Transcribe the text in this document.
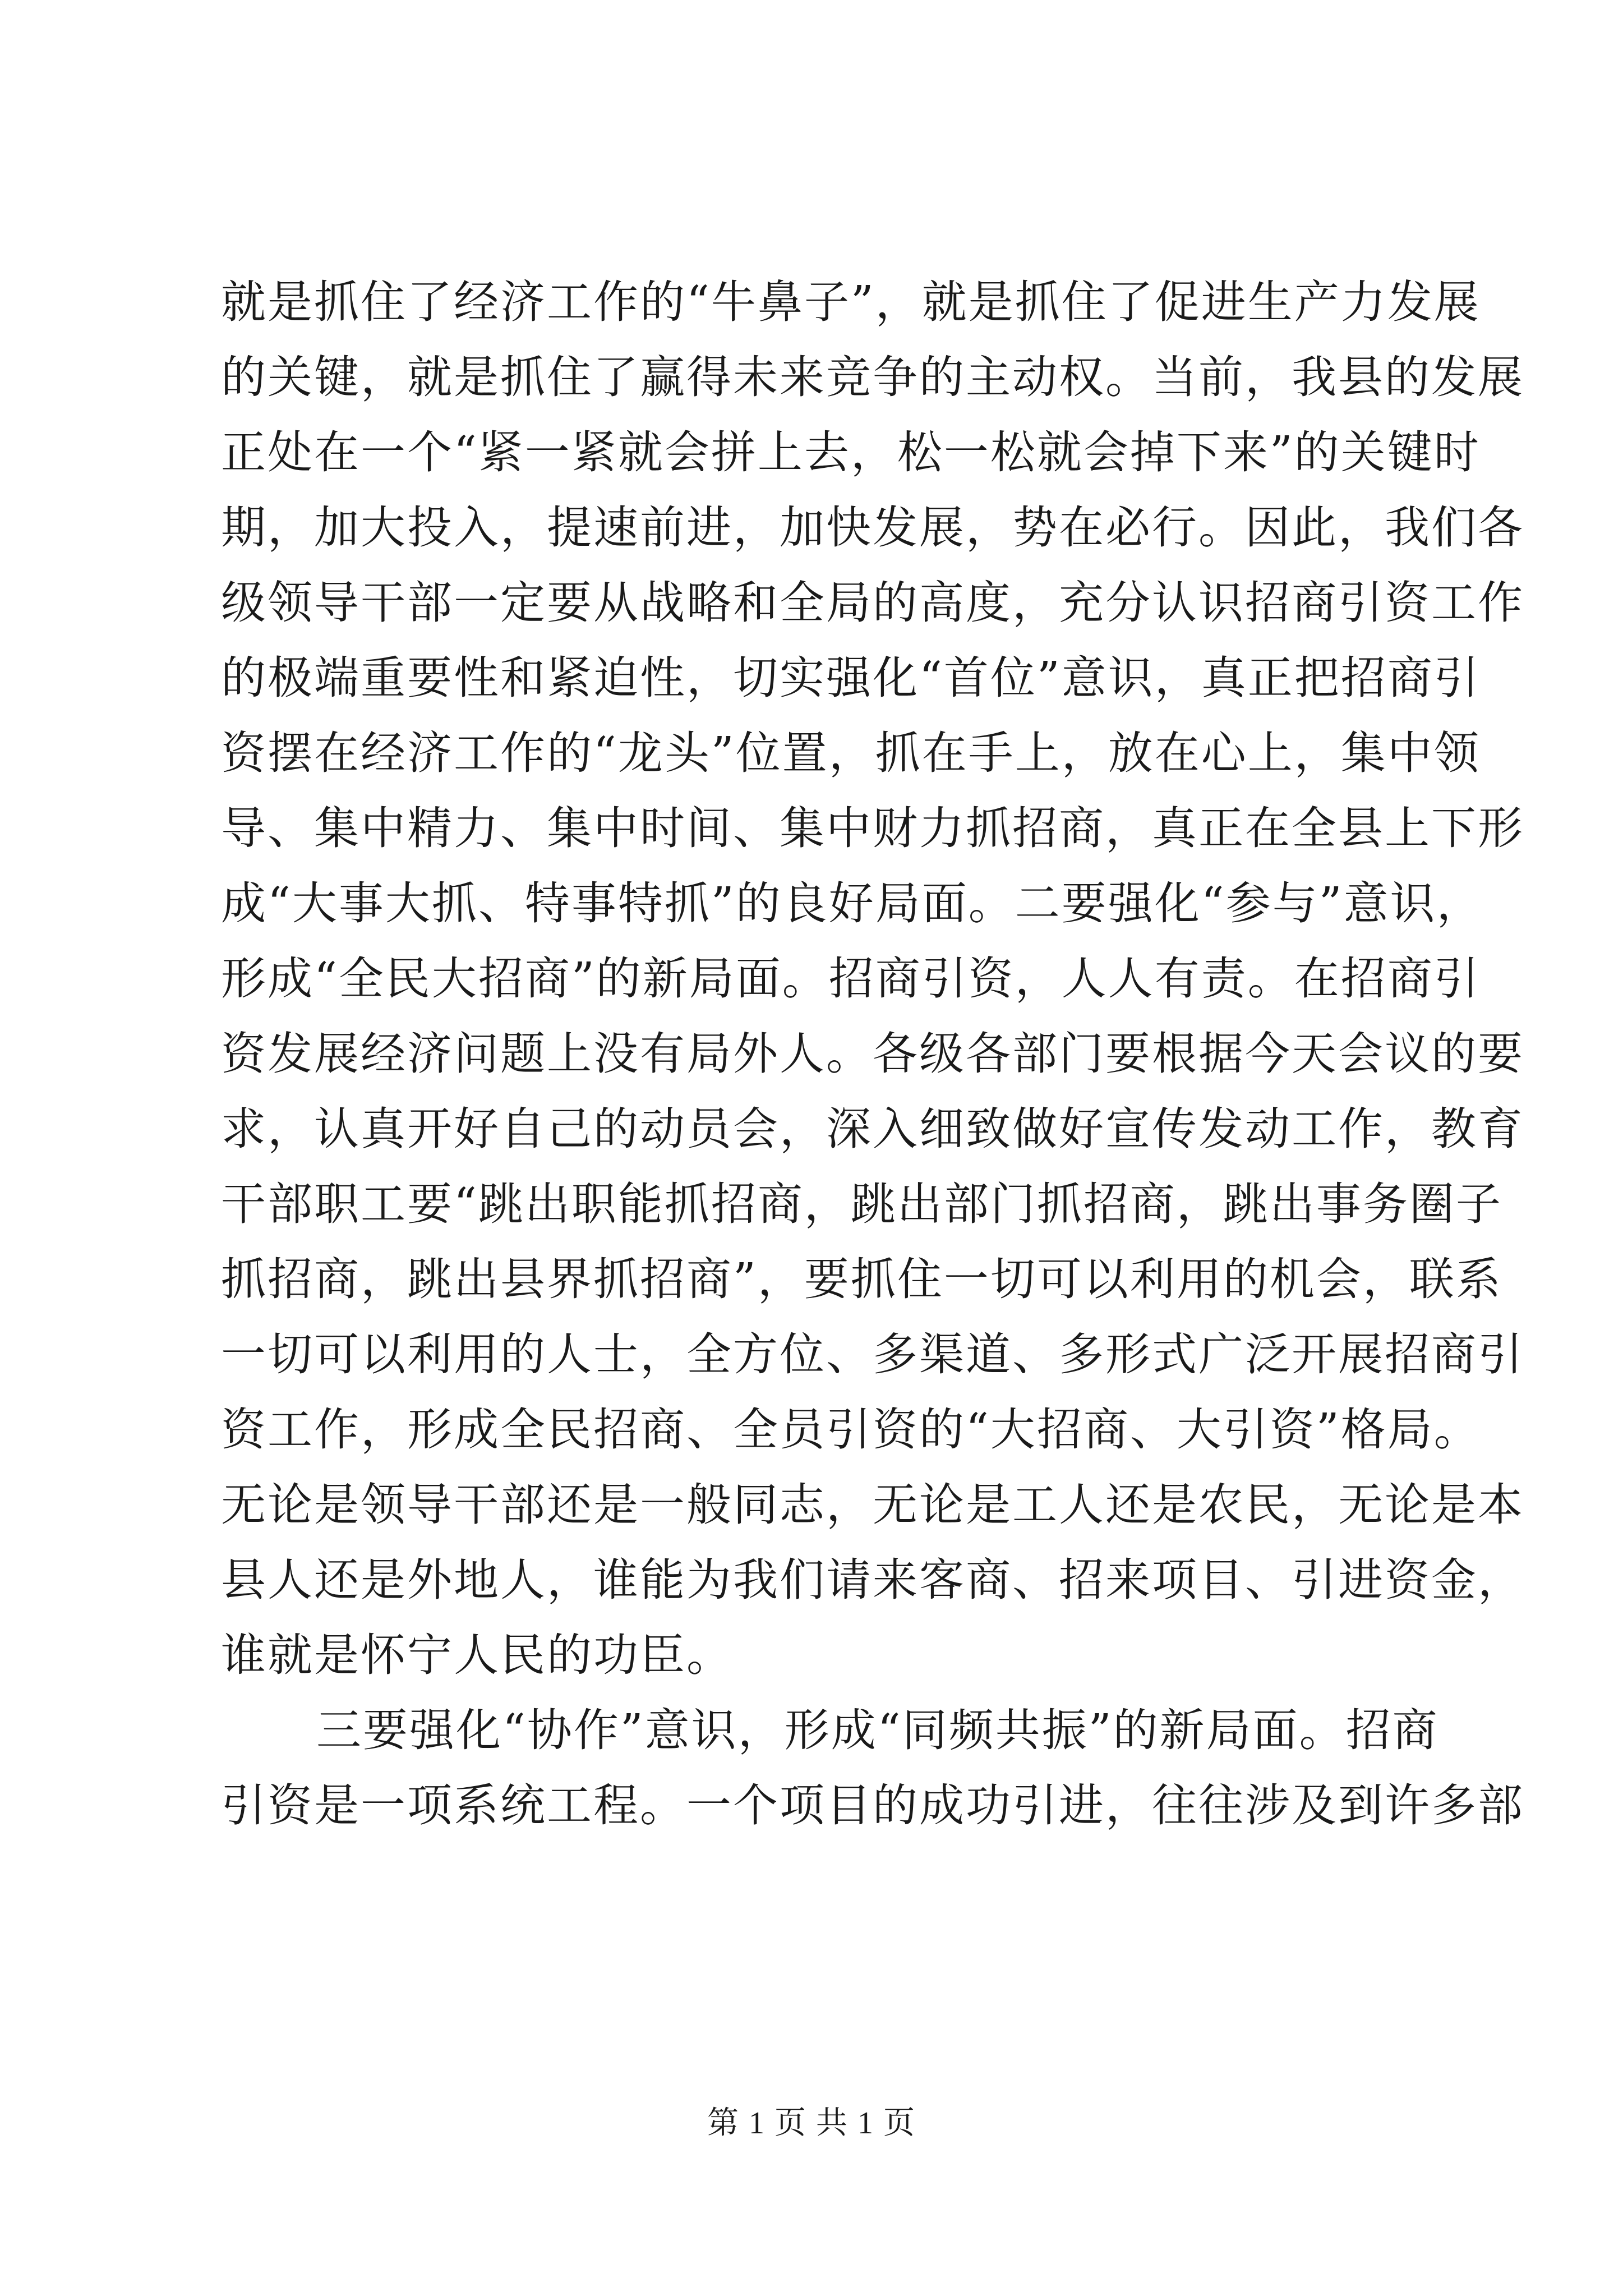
就是抓住了经济工作的“牛鼻子”，就是抓住了促进生产力发展
的关键，就是抓住了赢得未来竞争的主动权。当前，我县的发展
正处在一个“紧一紧就会拼上去，松一松就会掉下来”的关键时
期，加大投入，提速前进，加快发展，势在必行。因此，我们各
级领导干部一定要从战略和全局的高度，充分认识招商引资工作
的极端重要性和紧迫性，切实强化“首位”意识，真正把招商引
资摆在经济工作的“龙头”位置，抓在手上，放在心上，集中领
导、集中精力、集中时间、集中财力抓招商，真正在全县上下形
成“大事大抓、特事特抓”的良好局面。二要强化“参与”意识，
形成“全民大招商”的新局面。招商引资，人人有责。在招商引
资发展经济问题上没有局外人。各级各部门要根据今天会议的要
求，认真开好自己的动员会，深入细致做好宣传发动工作，教育
干部职工要“跳出职能抓招商，跳出部门抓招商，跳出事务圈子
抓招商，跳出县界抓招商”，要抓住一切可以利用的机会，联系
一切可以利用的人士，全方位、多渠道、多形式广泛开展招商引
资工作，形成全民招商、全员引资的“大招商、大引资”格局。
无论是领导干部还是一般同志，无论是工人还是农民，无论是本
县人还是外地人，谁能为我们请来客商、招来项目、引进资金，
谁就是怀宁人民的功臣。
三要强化“协作”意识，形成“同频共振”的新局面。招商
引资是一项系统工程。一个项目的成功引进，往往涉及到许多部
第 1 页 共 1 页
